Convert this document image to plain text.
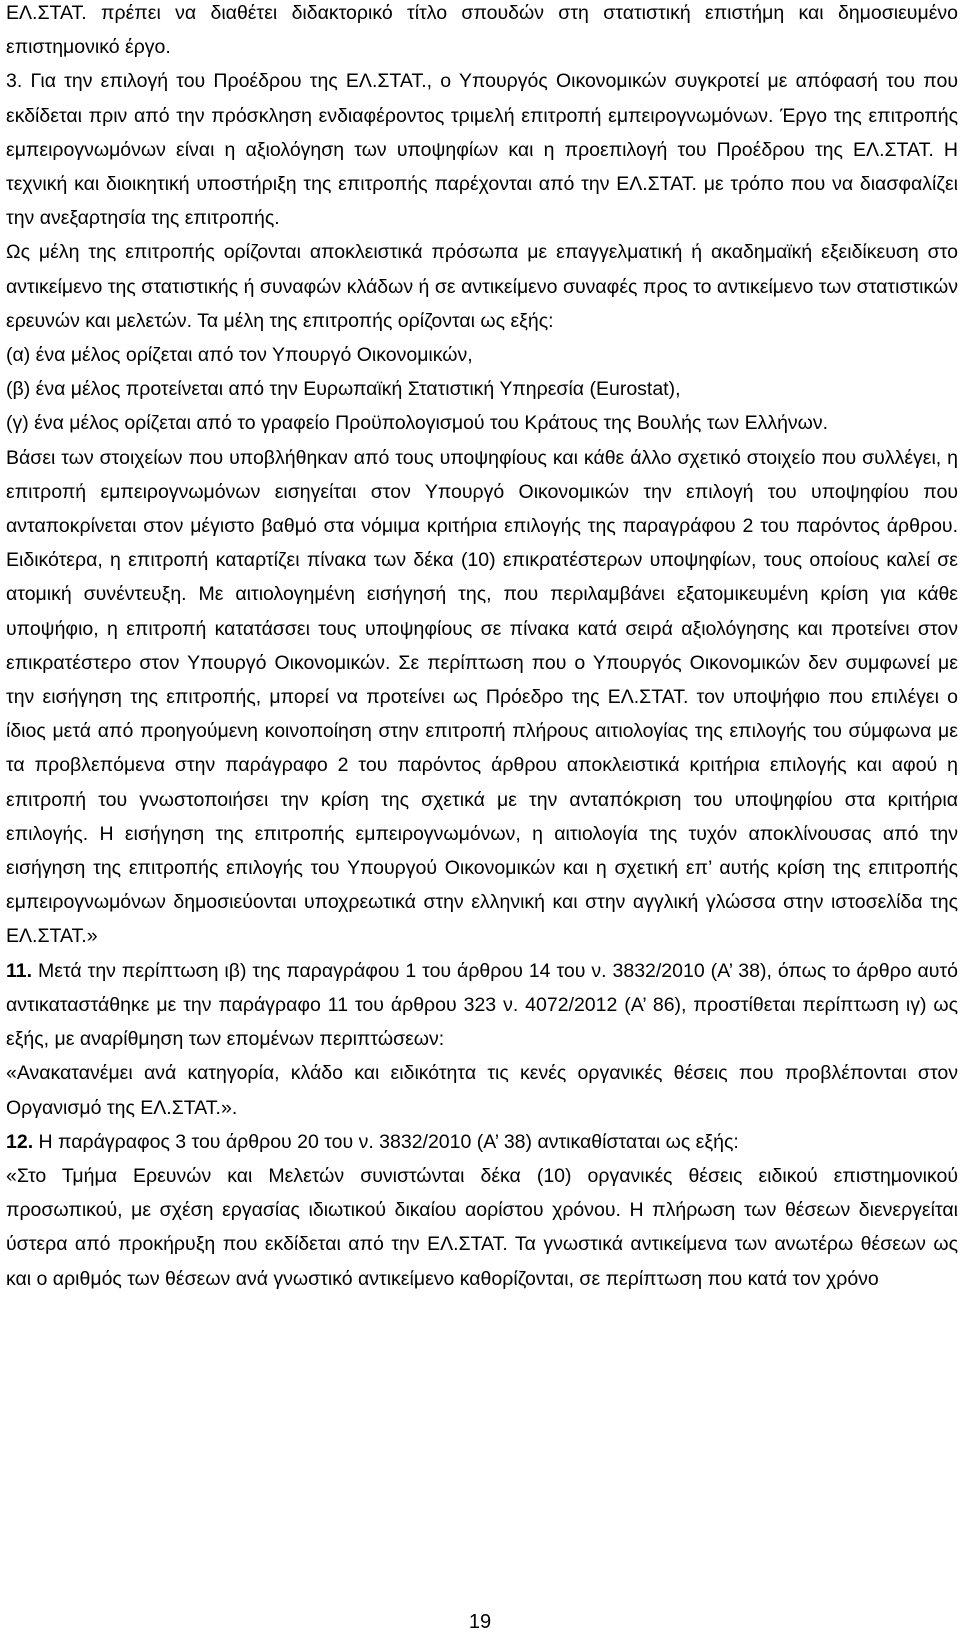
ΕΛ.ΣΤΑΤ. πρέπει να διαθέτει διδακτορικό τίτλο σπουδών στη στατιστική επιστήμη και δημοσιευμένο επιστημονικό έργο.

3. Για την επιλογή του Προέδρου της ΕΛ.ΣΤΑΤ., ο Υπουργός Οικονομικών συγκροτεί με απόφασή του που εκδίδεται πριν από την πρόσκληση ενδιαφέροντος τριμελή επιτροπή εμπειρογνωμόνων. Έργο της επιτροπής εμπειρογνωμόνων είναι η αξιολόγηση των υποψηφίων και η προεπιλογή του Προέδρου της ΕΛ.ΣΤΑΤ. Η τεχνική και διοικητική υποστήριξη της επιτροπής παρέχονται από την ΕΛ.ΣΤΑΤ. με τρόπο που να διασφαλίζει την ανεξαρτησία της επιτροπής.

Ως μέλη της επιτροπής ορίζονται αποκλειστικά πρόσωπα με επαγγελματική ή ακαδημαϊκή εξειδίκευση στο αντικείμενο της στατιστικής ή συναφών κλάδων ή σε αντικείμενο συναφές προς το αντικείμενο των στατιστικών ερευνών και μελετών. Τα μέλη της επιτροπής ορίζονται ως εξής:

(α) ένα μέλος ορίζεται από τον Υπουργό Οικονομικών,

(β) ένα μέλος προτείνεται από την Ευρωπαϊκή Στατιστική Υπηρεσία (Eurostat),

(γ) ένα μέλος ορίζεται από το γραφείο Προϋπολογισμού του Κράτους της Βουλής των Ελλήνων.

Βάσει των στοιχείων που υποβλήθηκαν από τους υποψηφίους και κάθε άλλο σχετικό στοιχείο που συλλέγει, η επιτροπή εμπειρογνωμόνων εισηγείται στον Υπουργό Οικονομικών την επιλογή του υποψηφίου που ανταποκρίνεται στον μέγιστο βαθμό στα νόμιμα κριτήρια επιλογής της παραγράφου 2 του παρόντος άρθρου. Ειδικότερα, η επιτροπή καταρτίζει πίνακα των δέκα (10) επικρατέστερων υποψηφίων, τους οποίους καλεί σε ατομική συνέντευξη. Με αιτιολογημένη εισήγησή της, που περιλαμβάνει εξατομικευμένη κρίση για κάθε υποψήφιο, η επιτροπή κατατάσσει τους υποψηφίους σε πίνακα κατά σειρά αξιολόγησης και προτείνει στον επικρατέστερο στον Υπουργό Οικονομικών. Σε περίπτωση που ο Υπουργός Οικονομικών δεν συμφωνεί με την εισήγηση της επιτροπής, μπορεί να προτείνει ως Πρόεδρο της ΕΛ.ΣΤΑΤ. τον υποψήφιο που επιλέγει ο ίδιος μετά από προηγούμενη κοινοποίηση στην επιτροπή πλήρους αιτιολογίας της επιλογής του σύμφωνα με τα προβλεπόμενα στην παράγραφο 2 του παρόντος άρθρου αποκλειστικά κριτήρια επιλογής και αφού η επιτροπή του γνωστοποιήσει την κρίση της σχετικά με την ανταπόκριση του υποψηφίου στα κριτήρια επιλογής. Η εισήγηση της επιτροπής εμπειρογνωμόνων, η αιτιολογία της τυχόν αποκλίνουσας από την εισήγηση της επιτροπής επιλογής του Υπουργού Οικονομικών και η σχετική επ’ αυτής κρίση της επιτροπής εμπειρογνωμόνων δημοσιεύονται υποχρεωτικά στην ελληνική και στην αγγλική γλώσσα στην ιστοσελίδα της ΕΛ.ΣΤΑΤ.»

11. Μετά την περίπτωση ιβ) της παραγράφου 1 του άρθρου 14 του ν. 3832/2010 (Α’ 38), όπως το άρθρο αυτό αντικαταστάθηκε με την παράγραφο 11 του άρθρου 323 ν. 4072/2012 (Α’ 86), προστίθεται περίπτωση ιγ) ως εξής, με αναρίθμηση των επομένων περιπτώσεων:

«Ανακατανέμει ανά κατηγορία, κλάδο και ειδικότητα τις κενές οργανικές θέσεις που προβλέπονται στον Οργανισμό της ΕΛ.ΣΤΑΤ.».

12. Η παράγραφος 3 του άρθρου 20 του ν. 3832/2010 (Α’ 38) αντικαθίσταται ως εξής:

«Στο Τμήμα Ερευνών και Μελετών συνιστώνται δέκα (10) οργανικές θέσεις ειδικού επιστημονικού προσωπικού, με σχέση εργασίας ιδιωτικού δικαίου αορίστου χρόνου. Η πλήρωση των θέσεων διενεργείται ύστερα από προκήρυξη που εκδίδεται από την ΕΛ.ΣΤΑΤ. Τα γνωστικά αντικείμενα των ανωτέρω θέσεων ως και ο αριθμός των θέσεων ανά γνωστικό αντικείμενο καθορίζονται, σε περίπτωση που κατά τον χρόνο

19
